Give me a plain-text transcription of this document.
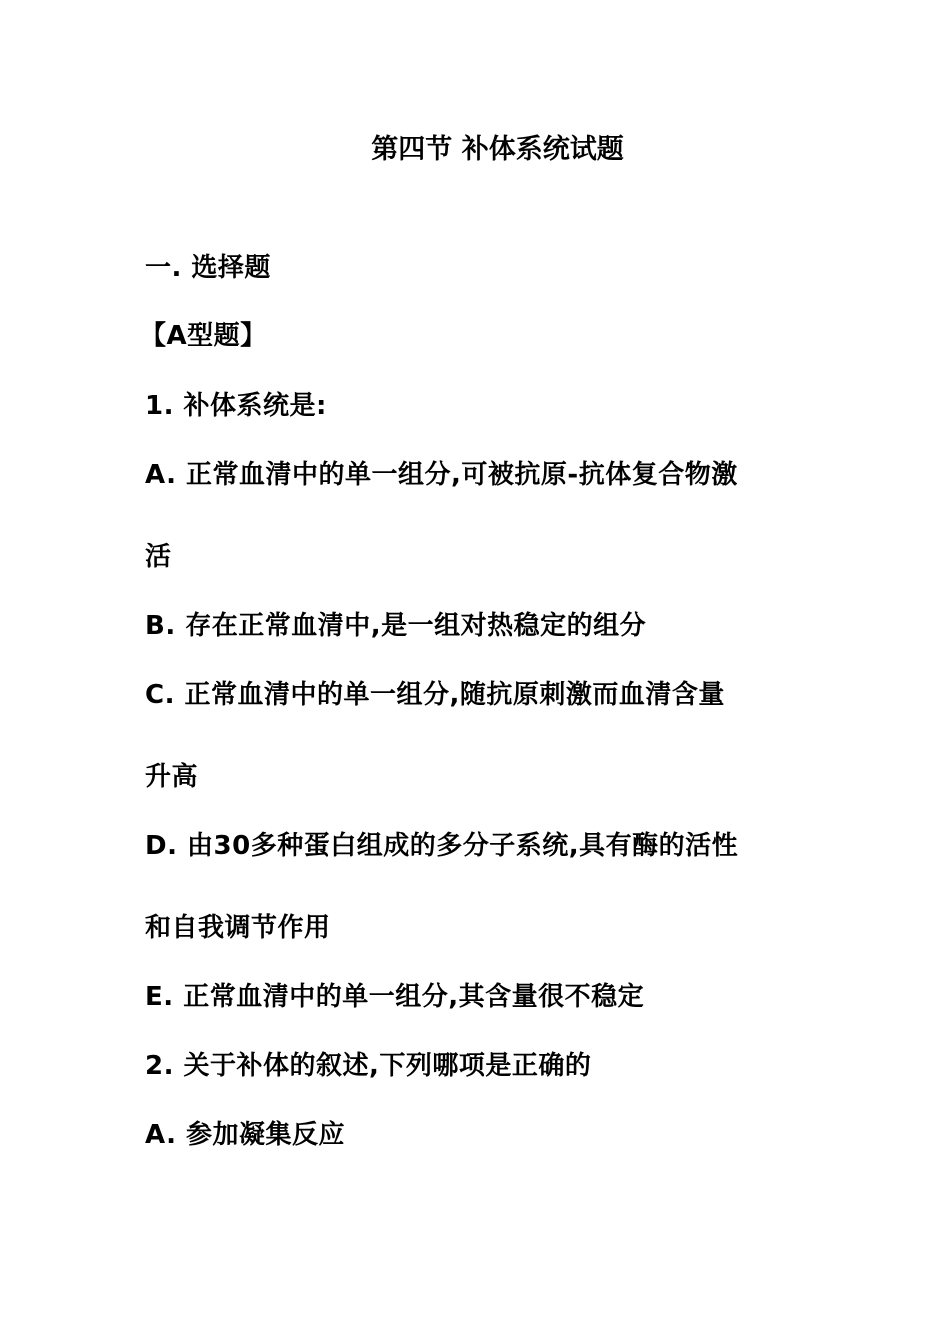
第四节 补体系统试题
一. 选择题
【A型题】
1. 补体系统是:
A. 正常血清中的单一组分,可被抗原-抗体复合物激
活
B. 存在正常血清中,是一组对热稳定的组分
C. 正常血清中的单一组分,随抗原刺激而血清含量
升高
D. 由30多种蛋白组成的多分子系统,具有酶的活性
和自我调节作用
E. 正常血清中的单一组分,其含量很不稳定
2. 关于补体的叙述,下列哪项是正确的
A. 参加凝集反应
